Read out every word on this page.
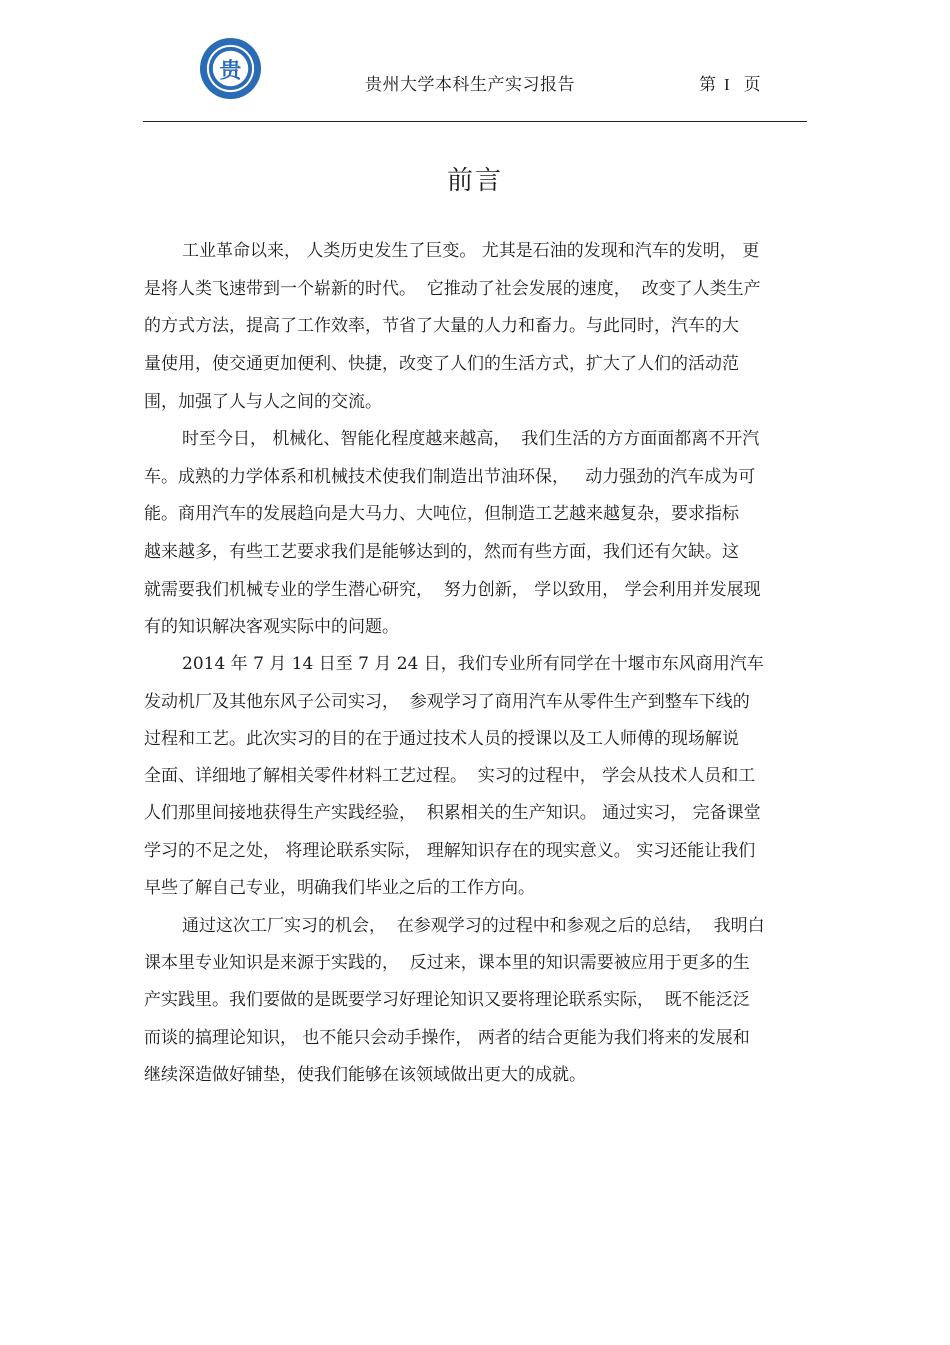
贵
贵州大学本科生产实习报告	第 I 页
前言
工业革命以来， 人类历史发生了巨变。 尤其是石油的发现和汽车的发明， 更
是将人类飞速带到一个崭新的时代。  它推动了社会发展的速度，  改变了人类生产
的方式方法，提高了工作效率，节省了大量的人力和畜力。与此同时，汽车的大
量使用，使交通更加便利、快捷，改变了人们的生活方式，扩大了人们的活动范
围，加强了人与人之间的交流。
时至今日， 机械化、智能化程度越来越高，  我们生活的方方面面都离不开汽
车。成熟的力学体系和机械技术使我们制造出节油环保，   动力强劲的汽车成为可
能。商用汽车的发展趋向是大马力、大吨位，但制造工艺越来越复杂，要求指标
越来越多，有些工艺要求我们是能够达到的，然而有些方面，我们还有欠缺。这
就需要我们机械专业的学生潜心研究，  努力创新， 学以致用， 学会利用并发展现
有的知识解决客观实际中的问题。
2014 年 7 月 14 日至 7 月 24 日，我们专业所有同学在十堰市东风商用汽车
发动机厂及其他东风子公司实习，  参观学习了商用汽车从零件生产到整车下线的
过程和工艺。此次实习的目的在于通过技术人员的授课以及工人师傅的现场解说
全面、详细地了解相关零件材料工艺过程。  实习的过程中， 学会从技术人员和工
人们那里间接地获得生产实践经验，  积累相关的生产知识。 通过实习， 完备课堂
学习的不足之处， 将理论联系实际， 理解知识存在的现实意义。 实习还能让我们
早些了解自己专业，明确我们毕业之后的工作方向。
通过这次工厂实习的机会，  在参观学习的过程中和参观之后的总结，  我明白
课本里专业知识是来源于实践的，  反过来，课本里的知识需要被应用于更多的生
产实践里。我们要做的是既要学习好理论知识又要将理论联系实际，  既不能泛泛
而谈的搞理论知识， 也不能只会动手操作， 两者的结合更能为我们将来的发展和
继续深造做好铺垫，使我们能够在该领域做出更大的成就。
